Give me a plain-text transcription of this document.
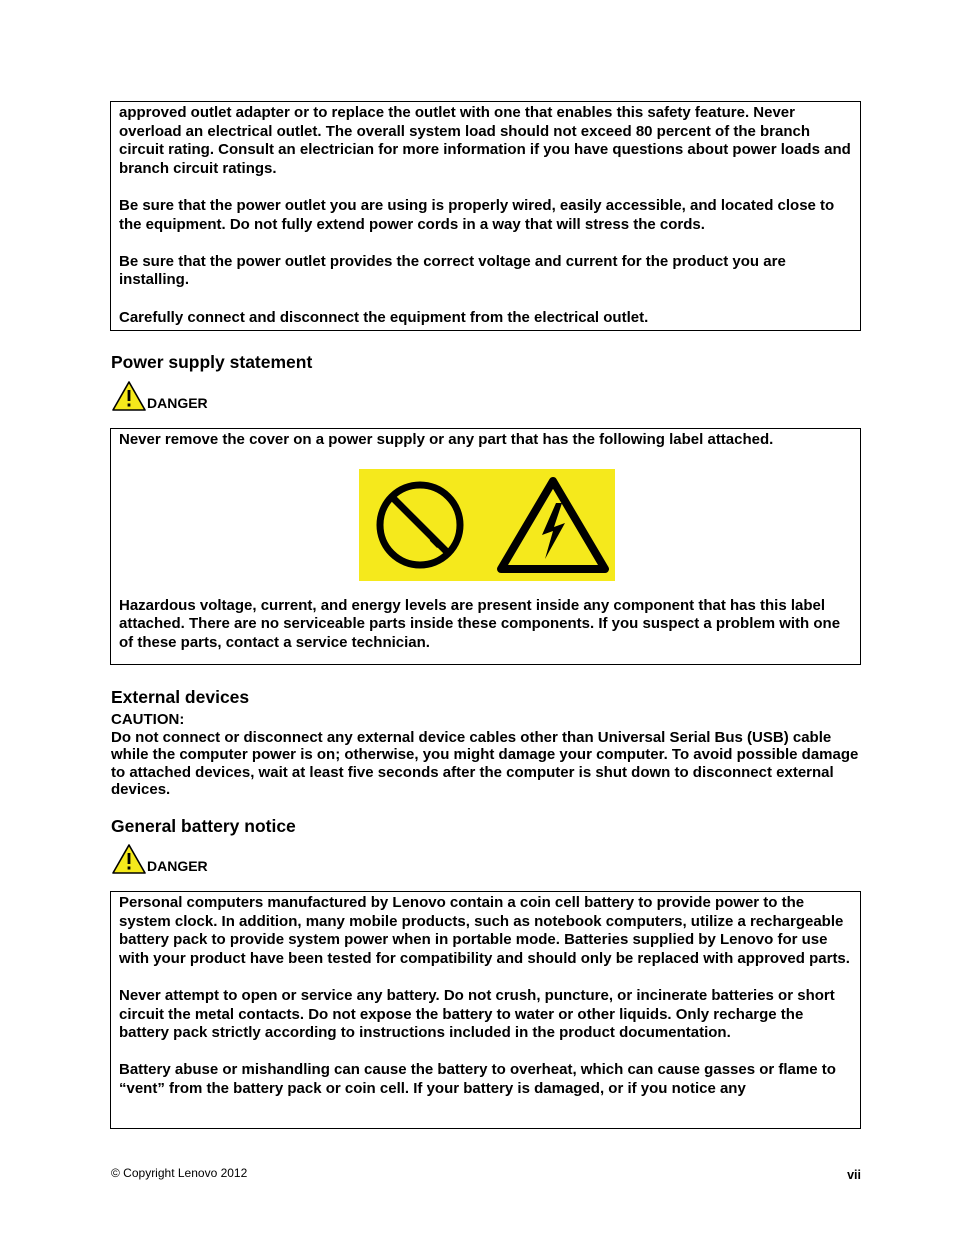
approved outlet adapter or to replace the outlet with one that enables this safety feature. Never overload an electrical outlet. The overall system load should not exceed 80 percent of the branch circuit rating. Consult an electrician for more information if you have questions about power loads and branch circuit ratings.

Be sure that the power outlet you are using is properly wired, easily accessible, and located close to the equipment. Do not fully extend power cords in a way that will stress the cords.

Be sure that the power outlet provides the correct voltage and current for the product you are installing.

Carefully connect and disconnect the equipment from the electrical outlet.

Power supply statement
DANGER

Never remove the cover on a power supply or any part that has the following label attached.

Hazardous voltage, current, and energy levels are present inside any component that has this label attached. There are no serviceable parts inside these components. If you suspect a problem with one of these parts, contact a service technician.

External devices

CAUTION:

Do not connect or disconnect any external device cables other than Universal Serial Bus (USB) cable while the computer power is on; otherwise, you might damage your computer. To avoid possible damage to attached devices, wait at least five seconds after the computer is shut down to disconnect external devices.

General battery notice
DANGER

Personal computers manufactured by Lenovo contain a coin cell battery to provide power to the system clock. In addition, many mobile products, such as notebook computers, utilize a rechargeable battery pack to provide system power when in portable mode. Batteries supplied by Lenovo for use with your product have been tested for compatibility and should only be replaced with approved parts.

Never attempt to open or service any battery. Do not crush, puncture, or incinerate batteries or short circuit the metal contacts. Do not expose the battery to water or other liquids. Only recharge the battery pack strictly according to instructions included in the product documentation.

Battery abuse or mishandling can cause the battery to overheat, which can cause gasses or flame to “vent” from the battery pack or coin cell. If your battery is damaged, or if you notice any

© Copyright Lenovo 2012	vii
